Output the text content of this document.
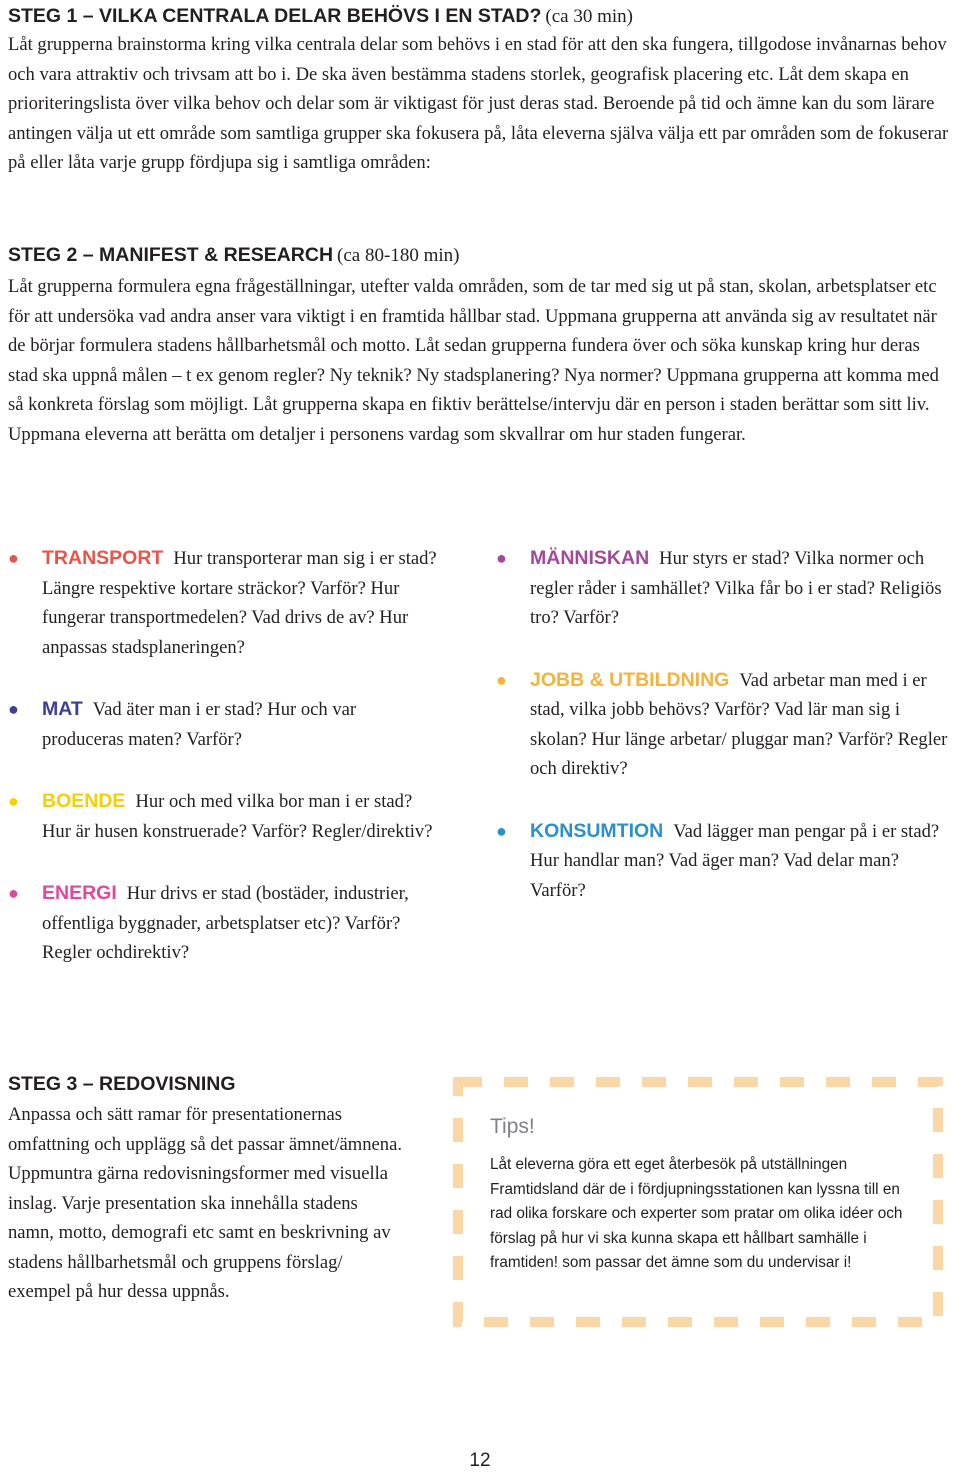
STEG 1 – VILKA CENTRALA DELAR BEHÖVS I EN STAD? (ca 30 min)
Låt grupperna brainstorma kring vilka centrala delar som behövs i en stad för att den ska fungera, tillgodose invånarnas behov och vara attraktiv och trivsam att bo i. De ska även bestämma stadens storlek, geografisk placering etc. Låt dem skapa en prioriteringslista över vilka behov och delar som är viktigast för just deras stad. Beroende på tid och ämne kan du som lärare antingen välja ut ett område som samtliga grupper ska fokusera på, låta eleverna själva välja ett par områden som de fokuserar på eller låta varje grupp fördjupa sig i samtliga områden:
STEG 2 – MANIFEST & RESEARCH (ca 80-180 min)
Låt grupperna formulera egna frågeställningar, utefter valda områden, som de tar med sig ut på stan, skolan, arbetsplatser etc för att undersöka vad andra anser vara viktigt i en framtida hållbar stad. Uppmana grupperna att använda sig av resultatet när de börjar formulera stadens hållbarhetsmål och motto. Låt sedan grupperna fundera över och söka kunskap kring hur deras stad ska uppnå målen – t ex genom regler? Ny teknik? Ny stadsplanering? Nya normer? Uppmana grupperna att komma med så konkreta förslag som möjligt. Låt grupperna skapa en fiktiv berättelse/intervju där en person i staden berättar som sitt liv. Uppmana eleverna att berätta om detaljer i personens vardag som skvallrar om hur staden fungerar.
● TRANSPORT Hur transporterar man sig i er stad? Längre respektive kortare sträckor? Varför? Hur fungerar transportmedelen? Vad drivs de av? Hur anpassas stadsplaneringen?
● MAT Vad äter man i er stad? Hur och var produceras maten? Varför?
● BOENDE Hur och med vilka bor man i er stad? Hur är husen konstruerade? Varför? Regler/direktiv?
● ENERGI Hur drivs er stad (bostäder, industrier, offentliga byggnader, arbetsplatser etc)? Varför? Regler ochdirektiv?
● MÄNNISKAN Hur styrs er stad? Vilka normer och regler råder i samhället? Vilka får bo i er stad? Religiös tro? Varför?
● JOBB & UTBILDNING Vad arbetar man med i er stad, vilka jobb behövs? Varför? Vad lär man sig i skolan? Hur länge arbetar/ pluggar man? Varför? Regler och direktiv?
● KONSUMTION Vad lägger man pengar på i er stad? Hur handlar man? Vad äger man? Vad delar man? Varför?
STEG 3 – REDOVISNING
Anpassa och sätt ramar för presentationernas omfattning och upplägg så det passar ämnet/ämnena. Uppmuntra gärna redovisningsformer med visuella inslag. Varje presentation ska innehålla stadens namn, motto, demografi etc samt en beskrivning av stadens hållbarhetsmål och gruppens förslag/ exempel på hur dessa uppnås.
Tips!
Låt eleverna göra ett eget återbesök på utställningen Framtidsland där de i fördjupningsstationen kan lyssna till en rad olika forskare och experter som pratar om olika idéer och förslag på hur vi ska kunna skapa ett hållbart samhälle i framtiden! som passar det ämne som du undervisar i!
12
